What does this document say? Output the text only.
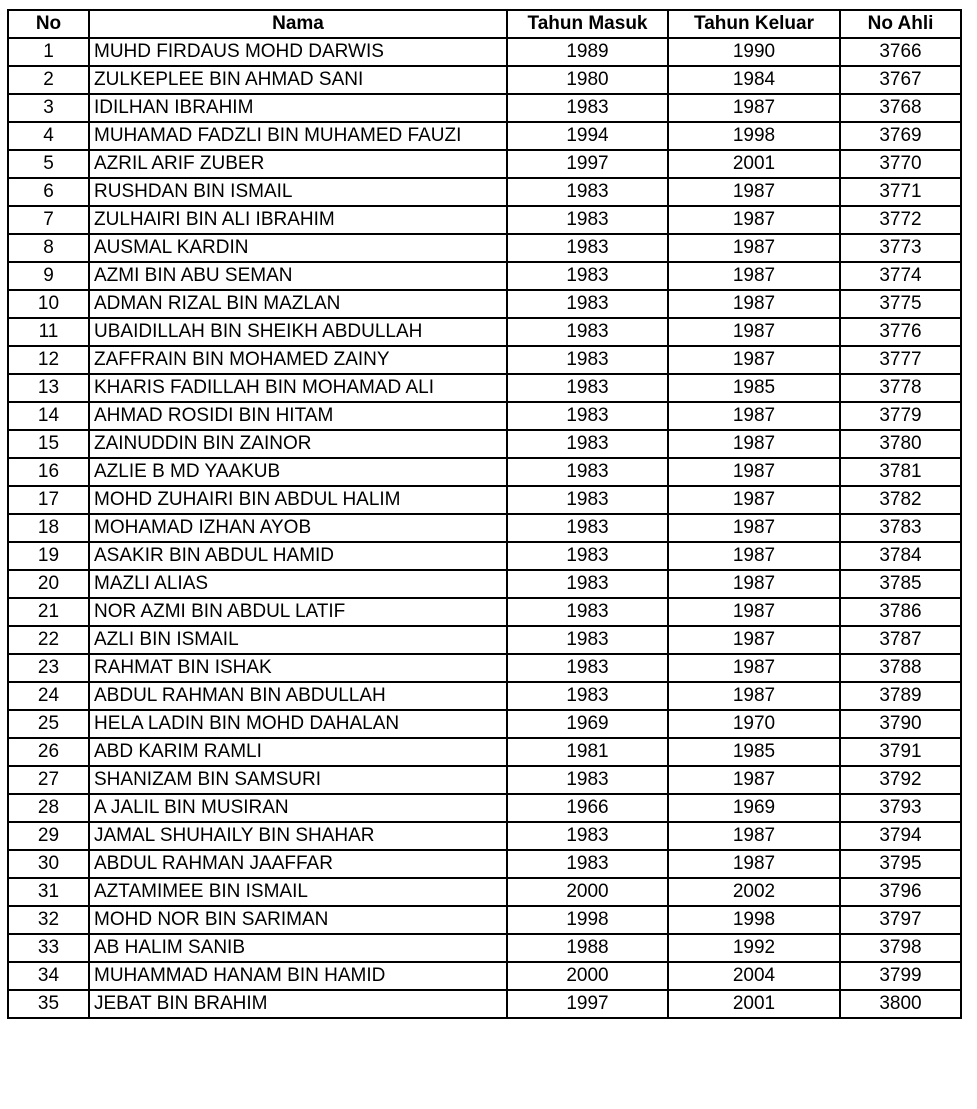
No	Nama	Tahun Masuk	Tahun Keluar	No Ahli
1	MUHD FIRDAUS MOHD DARWIS	1989	1990	3766
2	ZULKEPLEE BIN AHMAD SANI	1980	1984	3767
3	IDILHAN IBRAHIM	1983	1987	3768
4	MUHAMAD FADZLI BIN MUHAMED FAUZI	1994	1998	3769
5	AZRIL ARIF ZUBER	1997	2001	3770
6	RUSHDAN BIN ISMAIL	1983	1987	3771
7	ZULHAIRI BIN ALI IBRAHIM	1983	1987	3772
8	AUSMAL KARDIN	1983	1987	3773
9	AZMI BIN ABU SEMAN	1983	1987	3774
10	ADMAN RIZAL BIN MAZLAN	1983	1987	3775
11	UBAIDILLAH BIN SHEIKH ABDULLAH	1983	1987	3776
12	ZAFFRAIN BIN MOHAMED ZAINY	1983	1987	3777
13	KHARIS FADILLAH BIN MOHAMAD ALI	1983	1985	3778
14	AHMAD ROSIDI BIN HITAM	1983	1987	3779
15	ZAINUDDIN BIN ZAINOR	1983	1987	3780
16	AZLIE B MD YAAKUB	1983	1987	3781
17	MOHD ZUHAIRI BIN ABDUL HALIM	1983	1987	3782
18	MOHAMAD IZHAN AYOB	1983	1987	3783
19	ASAKIR BIN ABDUL HAMID	1983	1987	3784
20	MAZLI ALIAS	1983	1987	3785
21	NOR AZMI BIN ABDUL LATIF	1983	1987	3786
22	AZLI BIN ISMAIL	1983	1987	3787
23	RAHMAT BIN ISHAK	1983	1987	3788
24	ABDUL RAHMAN BIN ABDULLAH	1983	1987	3789
25	HELA LADIN BIN MOHD DAHALAN	1969	1970	3790
26	ABD KARIM RAMLI	1981	1985	3791
27	SHANIZAM BIN SAMSURI	1983	1987	3792
28	A JALIL BIN MUSIRAN	1966	1969	3793
29	JAMAL SHUHAILY BIN SHAHAR	1983	1987	3794
30	ABDUL RAHMAN JAAFFAR	1983	1987	3795
31	AZTAMIMEE BIN ISMAIL	2000	2002	3796
32	MOHD NOR BIN SARIMAN	1998	1998	3797
33	AB HALIM SANIB	1988	1992	3798
34	MUHAMMAD HANAM BIN HAMID	2000	2004	3799
35	JEBAT BIN BRAHIM	1997	2001	3800
